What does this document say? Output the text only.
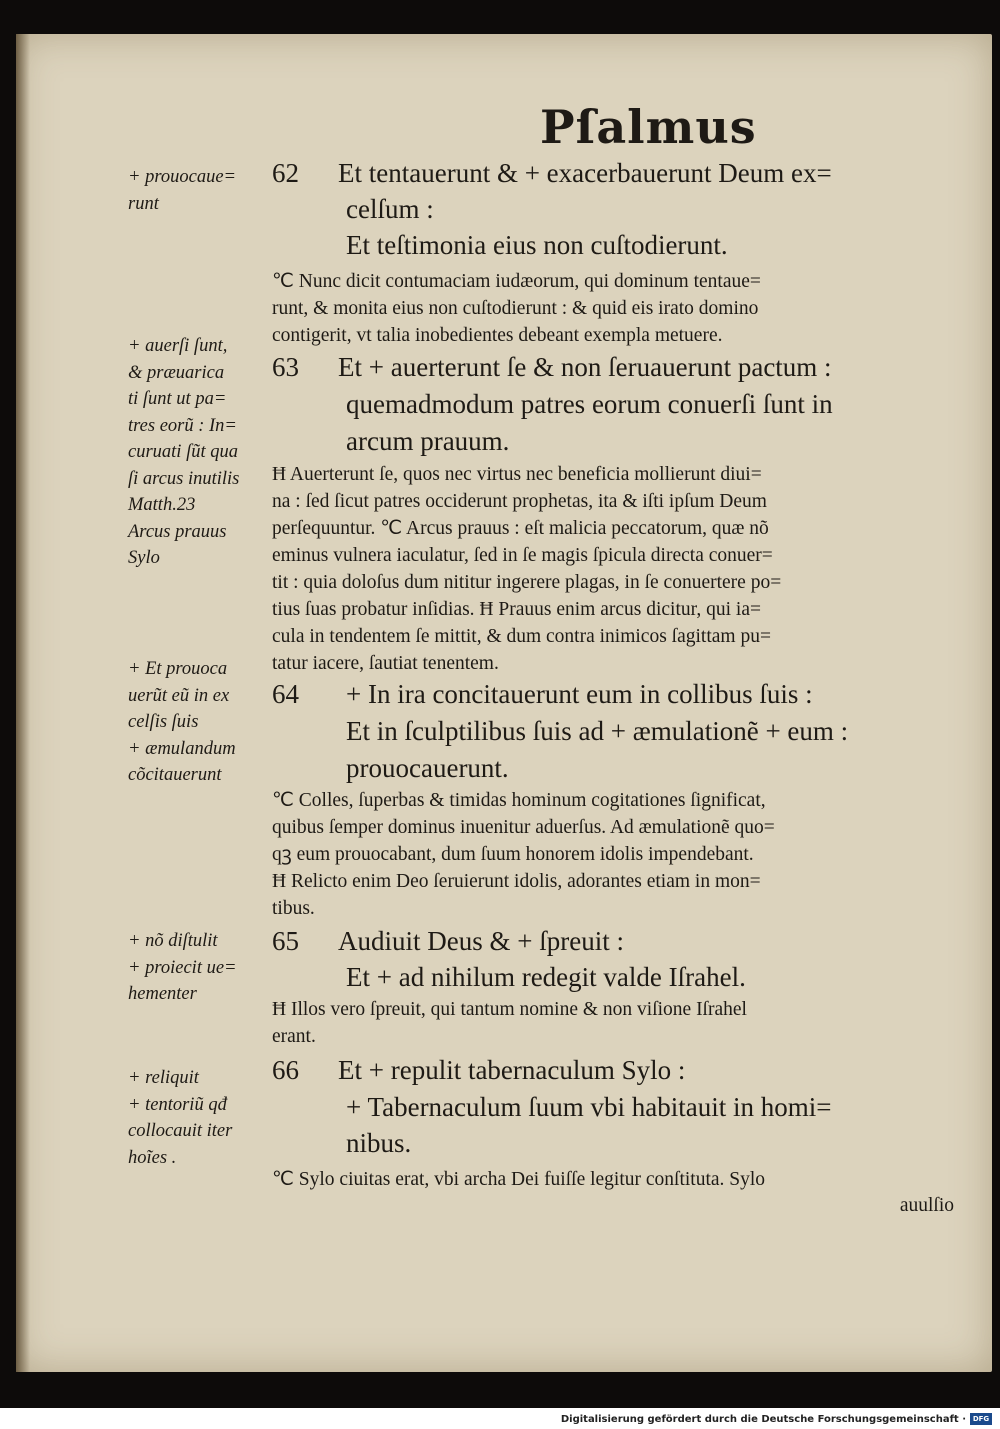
Pſalmus
62 Et tentauerunt & + exacerbauerunt Deum ex=
celſum :
Et teſtimonia eius non cuſtodierunt.
℃ Nunc dicit contumaciam iudæorum, qui dominum tentaue=
runt, & monita eius non cuſtodierunt : & quid eis irato domino
contigerit, vt talia inobedientes debeant exempla metuere.
63 Et + auerterunt ſe & non ſeruauerunt pactum :
quemadmodum patres eorum conuerſi ſunt in
arcum prauum.
Ħ Auerterunt ſe, quos nec virtus nec beneficia mollierunt diui=
na : ſed ſicut patres occiderunt prophetas, ita & iſti ipſum Deum
perſequuntur. ℃ Arcus prauus : eſt malicia peccatorum, quæ nõ
eminus vulnera iaculatur, ſed in ſe magis ſpicula directa conuer=
tit : quia doloſus dum nititur ingerere plagas, in ſe conuertere po=
tius ſuas probatur inſidias. Ħ Prauus enim arcus dicitur, qui ia=
cula in tendentem ſe mittit, & dum contra inimicos ſagittam pu=
tatur iacere, ſautiat tenentem.
64 + In ira concitauerunt eum in collibus ſuis :
Et in ſculptilibus ſuis ad + æmulationẽ + eum :
prouocauerunt.
℃ Colles, ſuperbas & timidas hominum cogitationes ſignificat,
quibus ſemper dominus inuenitur aduerſus. Ad æmulationẽ quo=
qꝫ eum prouocabant, dum ſuum honorem idolis impendebant.
Ħ Relicto enim Deo ſeruierunt idolis, adorantes etiam in mon=
tibus.
65 Audiuit Deus & + ſpreuit :
Et + ad nihilum redegit valde Iſrahel.
Ħ Illos vero ſpreuit, qui tantum nomine & non viſione Iſrahel
erant.
66 Et + repulit tabernaculum Sylo :
+ Tabernaculum ſuum vbi habitauit in homi=
nibus.
℃ Sylo ciuitas erat, vbi archa Dei fuiſſe legitur conſtituta. Sylo
auulſio
+ prouocaue=
runt
+ auerſi ſunt,
& præuarica
ti ſunt ut pa=
tres eorũ : In=
curuati ſũt qua
ſi arcus inutilis
Matth.23
Arcus prauus
Sylo
+ Et prouoca
uerũt eũ in ex
celſis ſuis
+ æmulandum
cõcitauerunt
+ nõ diſtulit
+ proiecit ue=
hementer
+ reliquit
+ tentoriũ qđ
collocauit iter
hoĩes .
Digitalisierung gefördert durch die Deutsche Forschungsgemeinschaft · DFG
